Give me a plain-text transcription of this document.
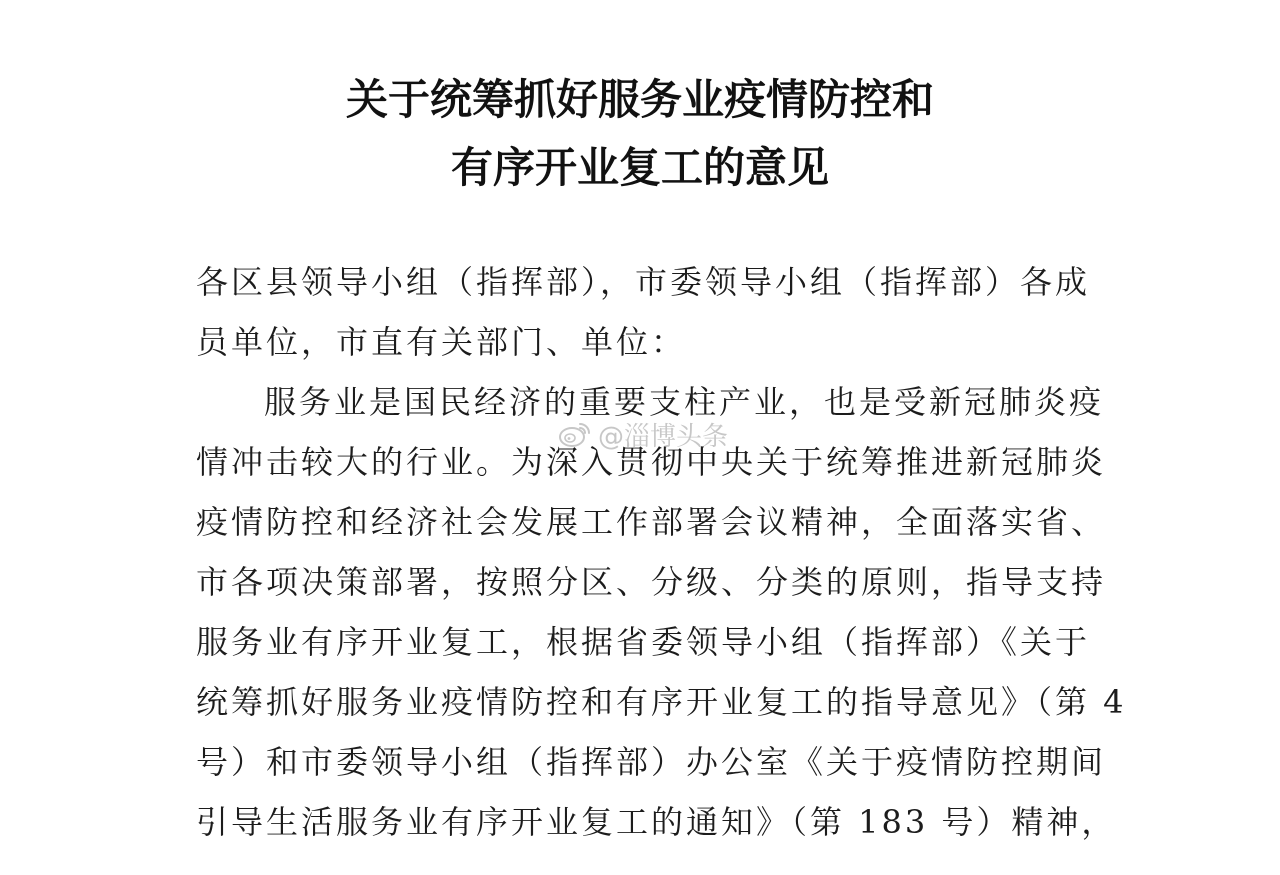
关于统筹抓好服务业疫情防控和
有序开业复工的意见
各区县领导小组（指挥部），市委领导小组（指挥部）各成
员单位，市直有关部门、单位：
服务业是国民经济的重要支柱产业，也是受新冠肺炎疫
情冲击较大的行业。为深入贯彻中央关于统筹推进新冠肺炎
疫情防控和经济社会发展工作部署会议精神，全面落实省、
市各项决策部署，按照分区、分级、分类的原则，指导支持
服务业有序开业复工，根据省委领导小组（指挥部）《关于
统筹抓好服务业疫情防控和有序开业复工的指导意见》（第 4
号）和市委领导小组（指挥部）办公室《关于疫情防控期间
引导生活服务业有序开业复工的通知》（第 183 号）精神，
@淄博头条
